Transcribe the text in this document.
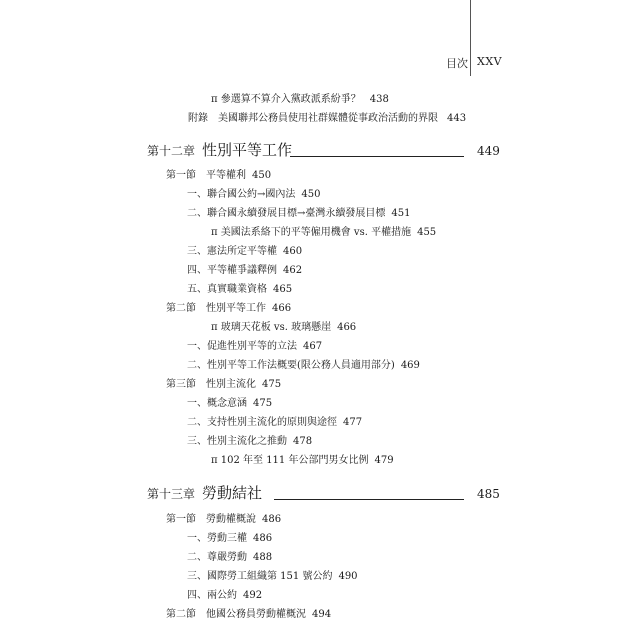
目次 XXV
π 參選算不算介入黨政派系紛爭？ 438
附錄　美國聯邦公務員使用社群媒體從事政治活動的界限 443
第十二章 性別平等工作	449
第一節　平等權利 450
一、聯合國公約→國內法 450
二、聯合國永續發展目標→臺灣永續發展目標 451
π 美國法系絡下的平等僱用機會 vs. 平權措施 455
三、憲法所定平等權 460
四、平等權爭議釋例 462
五、真實職業資格 465
第二節　性別平等工作 466
π 玻璃天花板 vs. 玻璃懸崖 466
一、促進性別平等的立法 467
二、性別平等工作法概要(限公務人員適用部分) 469
第三節　性別主流化 475
一、概念意涵 475
二、支持性別主流化的原則與途徑 477
三、性別主流化之推動 478
π 102 年至 111 年公部門男女比例 479
第十三章 勞動結社	485
第一節　勞動權概說 486
一、勞動三權 486
二、尊嚴勞動 488
三、國際勞工組織第 151 號公約 490
四、兩公約 492
第二節　他國公務員勞動權概況 494
